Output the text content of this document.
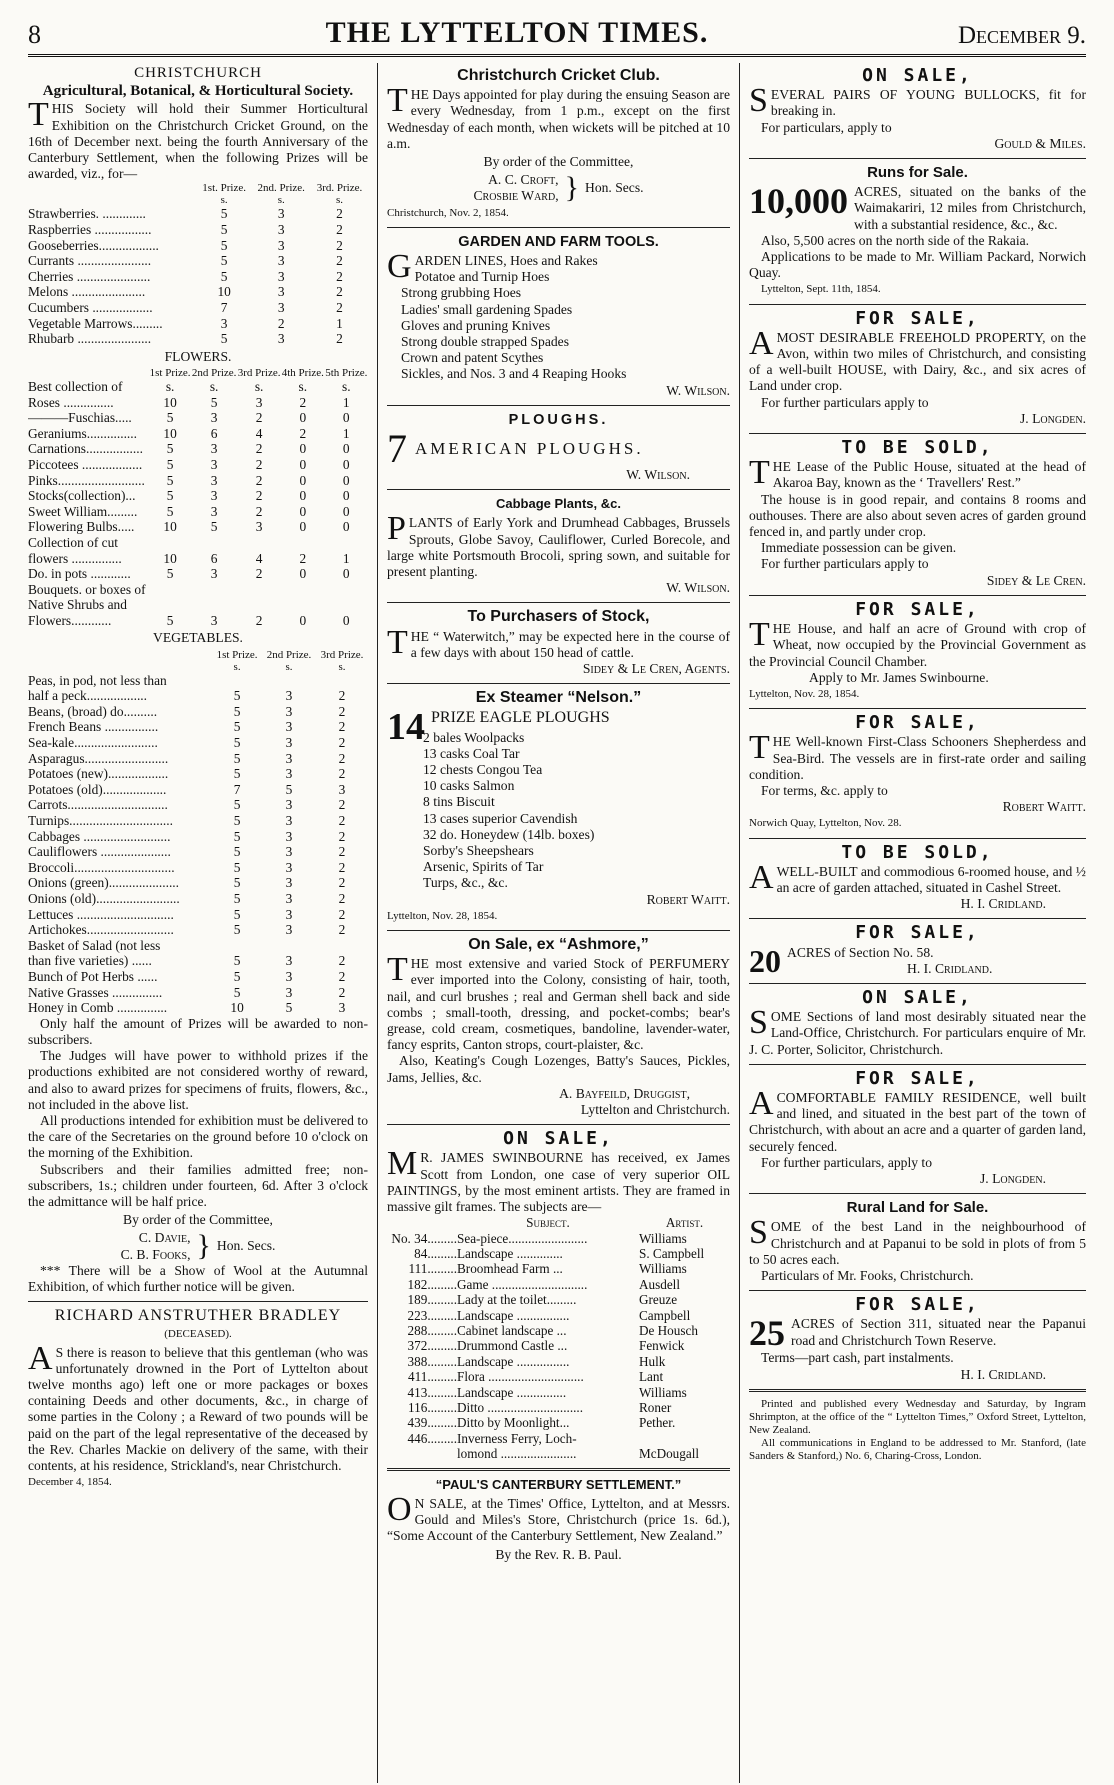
8	THE LYTTELTON TIMES.	December 9.
CHRISTCHURCH
Agricultural, Botanical, & Horticultural Society.

THIS Society will hold their Summer Horticultural Exhibition on the Christchurch Cricket Ground, on the 16th of December next. being the fourth Anniversary of the Canterbury Settlement, when the following Prizes will be awarded, viz., for—

	1st. Prize.	2nd. Prize.	3rd. Prize.
	s.	s.	s.
Strawberries. .............	5	3	2
Raspberries .................	5	3	2
Gooseberries..................	5	3	2
Currants ......................	5	3	2
Cherries ......................	5	3	2
Melons ......................	10	3	2
Cucumbers ..................	7	3	2
Vegetable Marrows.........	3	2	1
Rhubarb ......................	5	3	2
FLOWERS.
	1st Prize.	2nd Prize.	3rd Prize.	4th Prize.	5th Prize.
Best collection of	s.	s.	s.	s.	s.
Roses ...............	10	5	3	2	1
———Fuschias.....	5	3	2	0	0
Geraniums...............	10	6	4	2	1
Carnations.................	5	3	2	0	0
Piccotees ..................	5	3	2	0	0
Pinks..........................	5	3	2	0	0
Stocks(collection)...	5	3	2	0	0
Sweet William.........	5	3	2	0	0
Flowering Bulbs.....	10	5	3	0	0
Collection of cut					
flowers ...............	10	6	4	2	1
Do. in pots ............	5	3	2	0	0
Bouquets. or boxes of					
Native Shrubs and					
Flowers............	5	3	2	0	0
VEGETABLES.
	1st Prize.	2nd Prize.	3rd Prize.
	s.	s.	s.
Peas, in pod, not less than			
half a peck..................	5	3	2
Beans, (broad) do..........	5	3	2
French Beans ................	5	3	2
Sea-kale.........................	5	3	2
Asparagus.........................	5	3	2
Potatoes (new)..................	5	3	2
Potatoes (old)...................	7	5	3
Carrots..............................	5	3	2
Turnips...............................	5	3	2
Cabbages ..........................	5	3	2
Cauliflowers .....................	5	3	2
Broccoli..............................	5	3	2
Onions (green).....................	5	3	2
Onions (old).........................	5	3	2
Lettuces .............................	5	3	2
Artichokes..........................	5	3	2
Basket of Salad (not less			
than five varieties) ......	5	3	2
Bunch of Pot Herbs ......	5	3	2
Native Grasses ...............	5	3	2
Honey in Comb ...............	10	5	3

Only half the amount of Prizes will be awarded to non-subscribers.

The Judges will have power to withhold prizes if the productions exhibited are not considered worthy of reward, and also to award prizes for specimens of fruits, flowers, &c., not included in the above list.

All productions intended for exhibition must be delivered to the care of the Secretaries on the ground before 10 o'clock on the morning of the Exhibition.

Subscribers and their families admitted free; non-subscribers, 1s.; children under fourteen, 6d. After 3 o'clock the admittance will be half price.

By order of the Committee,
C. Davie,
C. B. Fooks, } Hon. Secs.

*** There will be a Show of Wool at the Autumnal Exhibition, of which further notice will be given.

RICHARD ANSTRUTHER BRADLEY
(DECEASED).

AS there is reason to believe that this gentleman (who was unfortunately drowned in the Port of Lyttelton about twelve months ago) left one or more packages or boxes containing Deeds and other documents, &c., in charge of some parties in the Colony ; a Reward of two pounds will be paid on the part of the legal representative of the deceased by the Rev. Charles Mackie on delivery of the same, with their contents, at his residence, Strickland's, near Christchurch.

December 4, 1854.
Christchurch Cricket Club.

THE Days appointed for play during the ensuing Season are every Wednesday, from 1 p.m., except on the first Wednesday of each month, when wickets will be pitched at 10 a.m.

By order of the Committee,
A. C. Croft,
Crosbie Ward, } Hon. Secs.
Christchurch, Nov. 2, 1854.
GARDEN AND FARM TOOLS.
GARDEN LINES, Hoes and Rakes
Potatoe and Turnip Hoes
Strong grubbing Hoes
Ladies' small gardening Spades
Gloves and pruning Knives
Strong double strapped Spades
Crown and patent Scythes
Sickles, and Nos. 3 and 4 Reaping Hooks
W. Wilson.
PLOUGHS.
7 AMERICAN PLOUGHS.
W. Wilson.
Cabbage Plants, &c.

PLANTS of Early York and Drumhead Cabbages, Brussels Sprouts, Globe Savoy, Cauliflower, Curled Borecole, and large white Portsmouth Brocoli, spring sown, and suitable for present planting.

W. Wilson.
To Purchasers of Stock,

THE “ Waterwitch,” may be expected here in the course of a few days with about 150 head of cattle.

Sidey & Le Cren, Agents.
Ex Steamer “Nelson.”
14 PRIZE EAGLE PLOUGHS
2 bales Woolpacks
13 casks Coal Tar
12 chests Congou Tea
10 casks Salmon
8 tins Biscuit
13 cases superior Cavendish
32 do. Honeydew (14lb. boxes)
Sorby's Sheepshears
Arsenic, Spirits of Tar
Turps, &c., &c.
Robert Waitt.
Lyttelton, Nov. 28, 1854.
On Sale, ex “Ashmore,”

THE most extensive and varied Stock of PERFUMERY ever imported into the Colony, consisting of hair, tooth, nail, and curl brushes ; real and German shell back and side combs ; small-tooth, dressing, and pocket-combs; bear's grease, cold cream, cosmetiques, bandoline, lavender-water, fancy esprits, Canton strops, court-plaister, &c.

Also, Keating's Cough Lozenges, Batty's Sauces, Pickles, Jams, Jellies, &c.

A. Bayfeild, Druggist,
Lyttelton and Christchurch.
ON SALE,

MR. JAMES SWINBOURNE has received, ex James Scott from London, one case of very superior OIL PAINTINGS, by the most eminent artists. They are framed in massive gilt frames. The subjects are—

	Subject.	Artist.
No. 34.........	Sea-piece........................	Williams
84.........	Landscape ..............	S. Campbell
111.........	Broomhead Farm ...	Williams
182.........	Game .............................	Ausdell
189.........	Lady at the toilet.........	Greuze
223.........	Landscape ................	Campbell
288.........	Cabinet landscape ...	De Housch
372.........	Drummond Castle ...	Fenwick
388.........	Landscape ................	Hulk
411.........	Flora .............................	Lant
413.........	Landscape ...............	Williams
116.........	Ditto .............................	Roner
439.........	Ditto by Moonlight...	Pether.
446.........	Inverness Ferry, Loch-	
	lomond .......................	McDougall
“PAUL'S CANTERBURY SETTLEMENT.”

ON SALE, at the Times' Office, Lyttelton, and at Messrs. Gould and Miles's Store, Christchurch (price 1s. 6d.), “Some Account of the Canterbury Settlement, New Zealand.”

By the Rev. R. B. Paul.
ON SALE,

SEVERAL PAIRS OF YOUNG BULLOCKS, fit for breaking in.

For particulars, apply to
Gould & Miles.
Runs for Sale.
10,000 ACRES, situated on the banks of the Waimakariri, 12 miles from Christchurch, with a substantial residence, &c., &c.

Also, 5,500 acres on the north side of the Rakaia.

Applications to be made to Mr. William Packard, Norwich Quay.

Lyttelton, Sept. 11th, 1854.
FOR SALE,

AMOST DESIRABLE FREEHOLD PROPERTY, on the Avon, within two miles of Christchurch, and consisting of a well-built HOUSE, with Dairy, &c., and six acres of Land under crop.

For further particulars apply to
J. Longden.
TO BE SOLD,

THE Lease of the Public House, situated at the head of Akaroa Bay, known as the ‘ Travellers' Rest.”

The house is in good repair, and contains 8 rooms and outhouses. There are also about seven acres of garden ground fenced in, and partly under crop.

Immediate possession can be given.
For further particulars apply to
Sidey & Le Cren.
FOR SALE,

THE House, and half an acre of Ground with crop of Wheat, now occupied by the Provincial Government as the Provincial Council Chamber.

Apply to Mr. James Swinbourne.
Lyttelton, Nov. 28, 1854.
FOR SALE,

THE Well-known First-Class Schooners Shepherdess and Sea-Bird. The vessels are in first-rate order and sailing condition.

For terms, &c. apply to
Robert Waitt.
Norwich Quay, Lyttelton, Nov. 28.
TO BE SOLD,

AWELL-BUILT and commodious 6-roomed house, and ½ an acre of garden attached, situated in Cashel Street.

H. I. Cridland.
FOR SALE,
20 ACRES of Section No. 58.
H. I. Cridland.
ON SALE,

SOME Sections of land most desirably situated near the Land-Office, Christchurch. For particulars enquire of Mr. J. C. Porter, Solicitor, Christchurch.

FOR SALE,

ACOMFORTABLE FAMILY RESIDENCE, well built and lined, and situated in the best part of the town of Christchurch, with about an acre and a quarter of garden land, securely fenced.

For further particulars, apply to
J. Longden.
Rural Land for Sale.

SOME of the best Land in the neighbourhood of Christchurch and at Papanui to be sold in plots of from 5 to 50 acres each.

Particulars of Mr. Fooks, Christchurch.
FOR SALE,
25 ACRES of Section 311, situated near the Papanui road and Christchurch Town Reserve.

Terms—part cash, part instalments.
H. I. Cridland.

Printed and published every Wednesday and Saturday, by Ingram Shrimpton, at the office of the “ Lyttelton Times,” Oxford Street, Lyttelton, New Zealand.

All communications in England to be addressed to Mr. Stanford, (late Sanders & Stanford,) No. 6, Charing-Cross, London.
